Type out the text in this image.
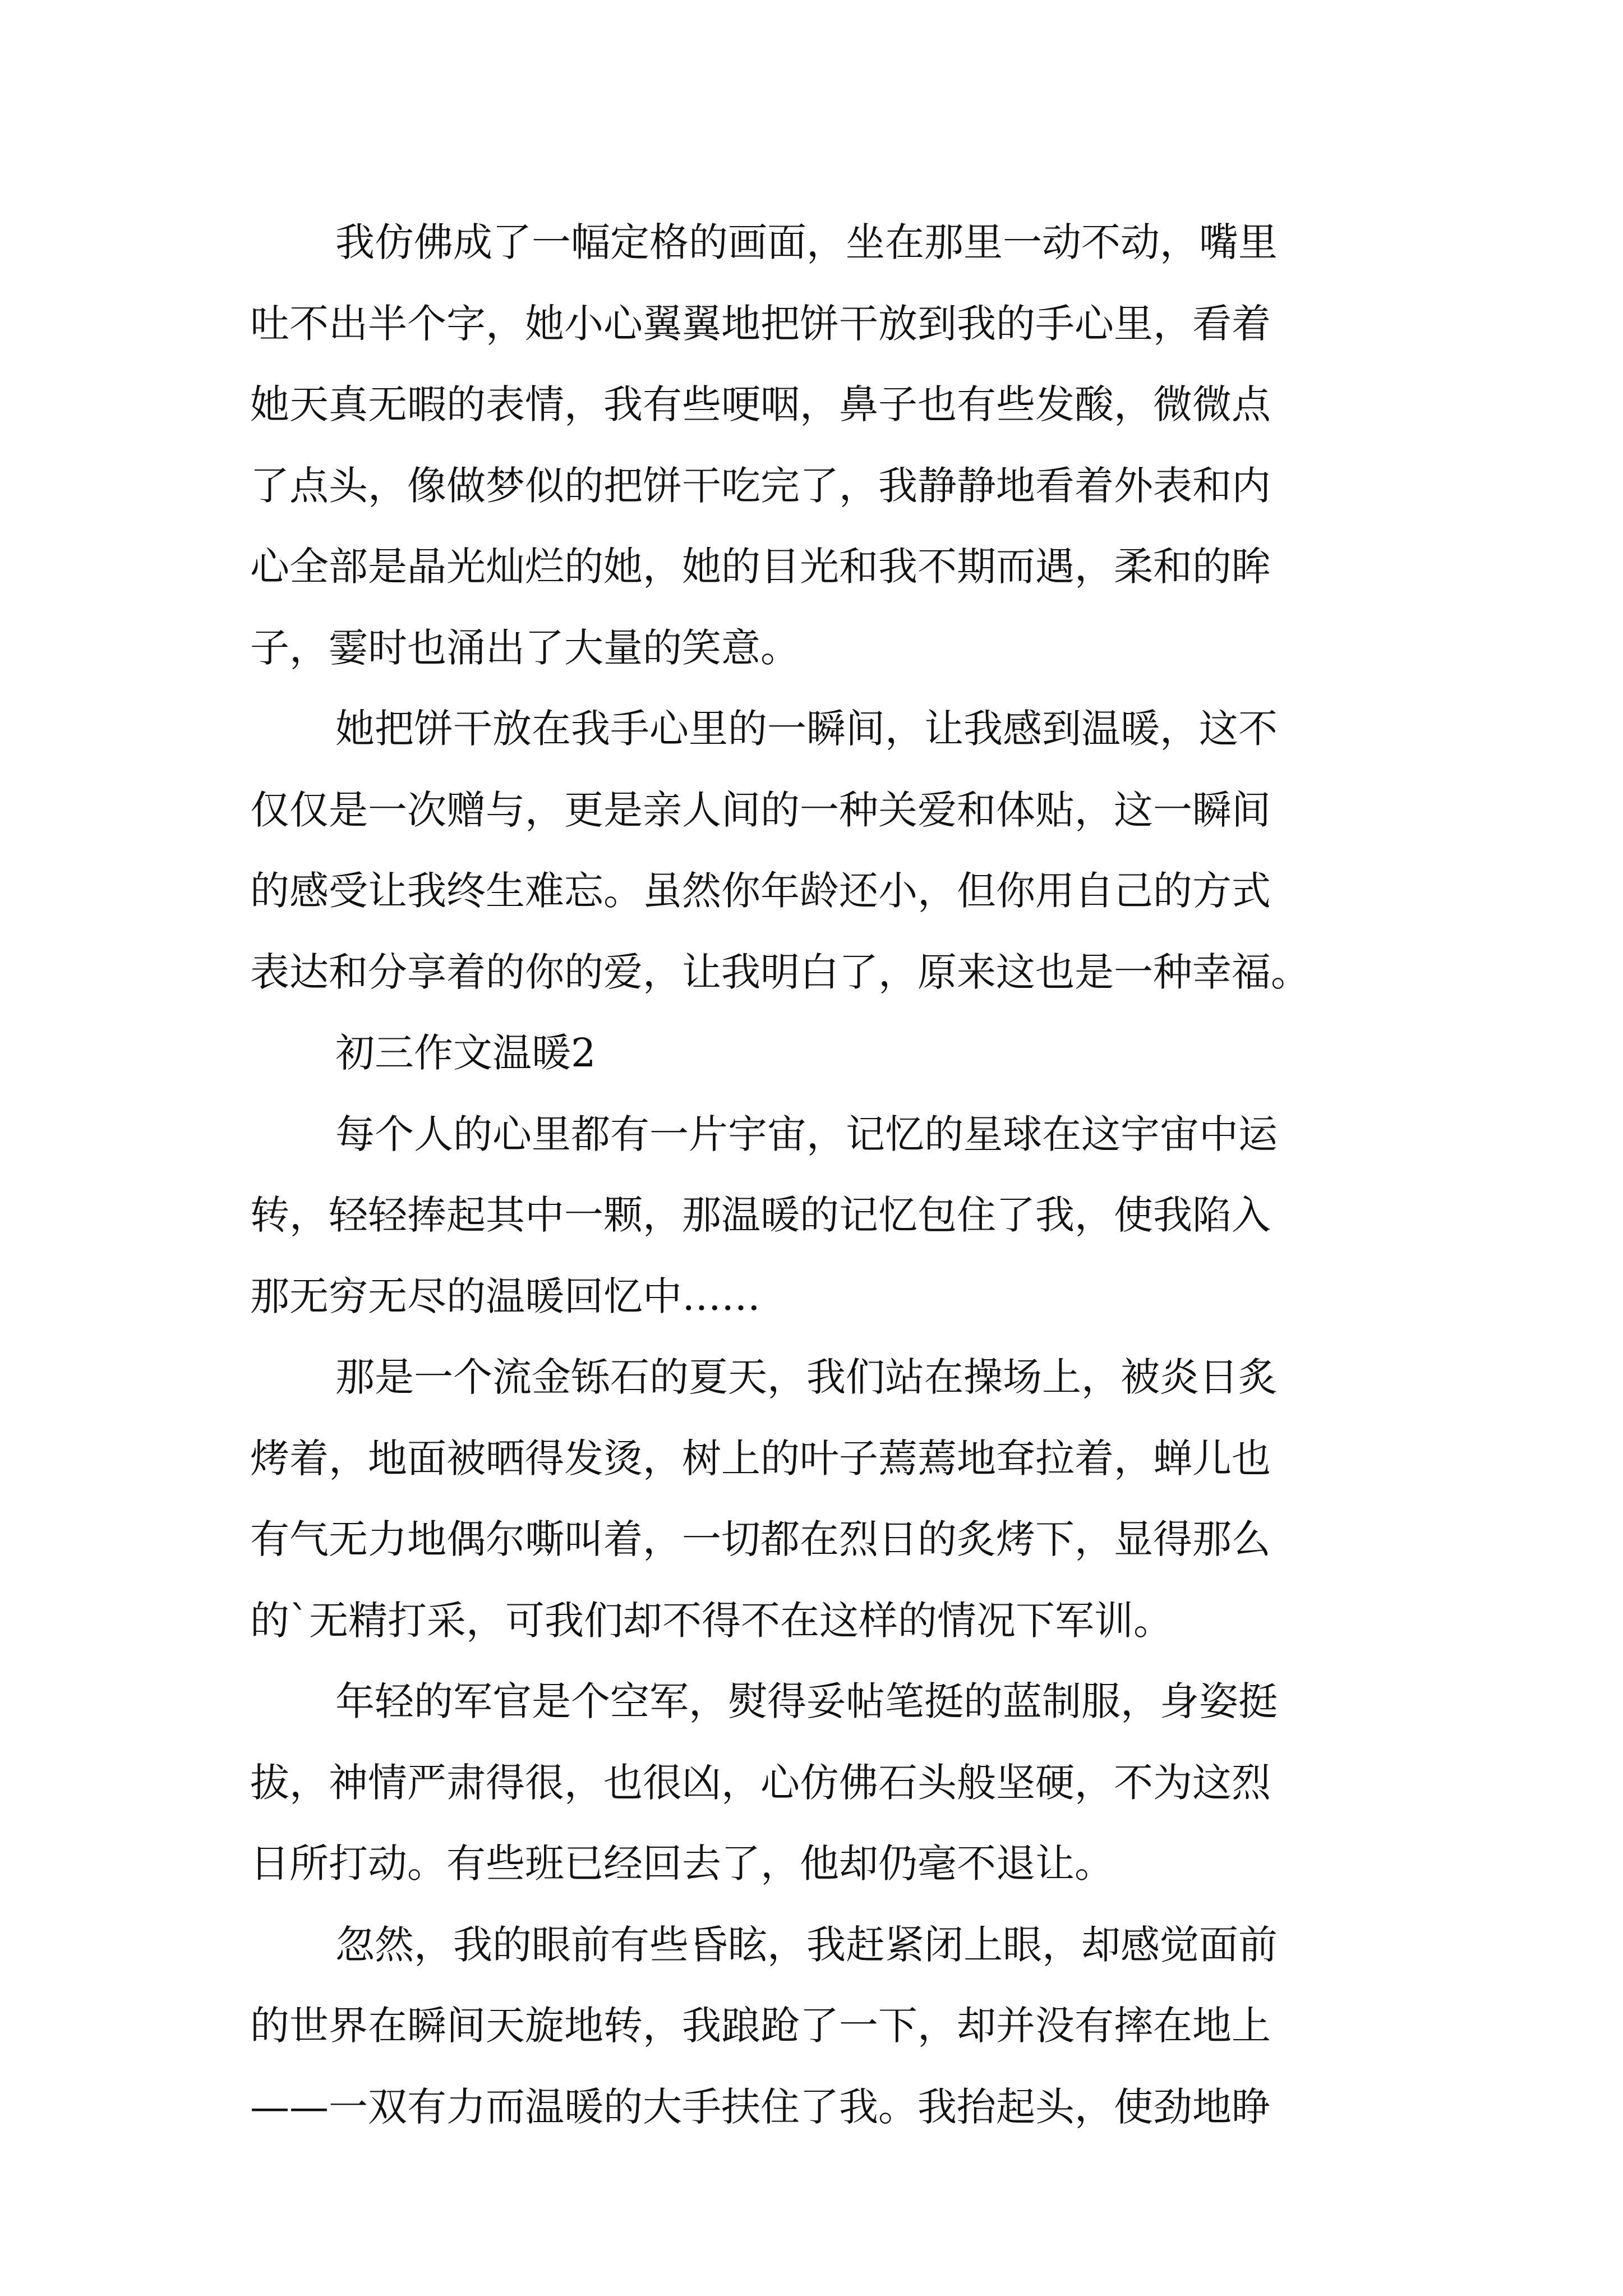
我仿佛成了一幅定格的画面，坐在那里一动不动，嘴里
吐不出半个字，她小心翼翼地把饼干放到我的手心里，看着
她天真无暇的表情，我有些哽咽，鼻子也有些发酸，微微点
了点头，像做梦似的把饼干吃完了，我静静地看着外表和内
心全部是晶光灿烂的她，她的目光和我不期而遇，柔和的眸
子，霎时也涌出了大量的笑意。
她把饼干放在我手心里的一瞬间，让我感到温暖，这不
仅仅是一次赠与，更是亲人间的一种关爱和体贴，这一瞬间
的感受让我终生难忘。虽然你年龄还小，但你用自己的方式
表达和分享着的你的爱，让我明白了，原来这也是一种幸福。
初三作文温暖2
每个人的心里都有一片宇宙，记忆的星球在这宇宙中运
转，轻轻捧起其中一颗，那温暖的记忆包住了我，使我陷入
那无穷无尽的温暖回忆中……
那是一个流金铄石的夏天，我们站在操场上，被炎日炙
烤着，地面被晒得发烫，树上的叶子蔫蔫地耷拉着，蝉儿也
有气无力地偶尔嘶叫着，一切都在烈日的炙烤下，显得那么
的`无精打采，可我们却不得不在这样的情况下军训。
年轻的军官是个空军，熨得妥帖笔挺的蓝制服，身姿挺
拔，神情严肃得很，也很凶，心仿佛石头般坚硬，不为这烈
日所打动。有些班已经回去了，他却仍毫不退让。
忽然，我的眼前有些昏眩，我赶紧闭上眼，却感觉面前
的世界在瞬间天旋地转，我踉跄了一下，却并没有摔在地上
——一双有力而温暖的大手扶住了我。我抬起头，使劲地睁
